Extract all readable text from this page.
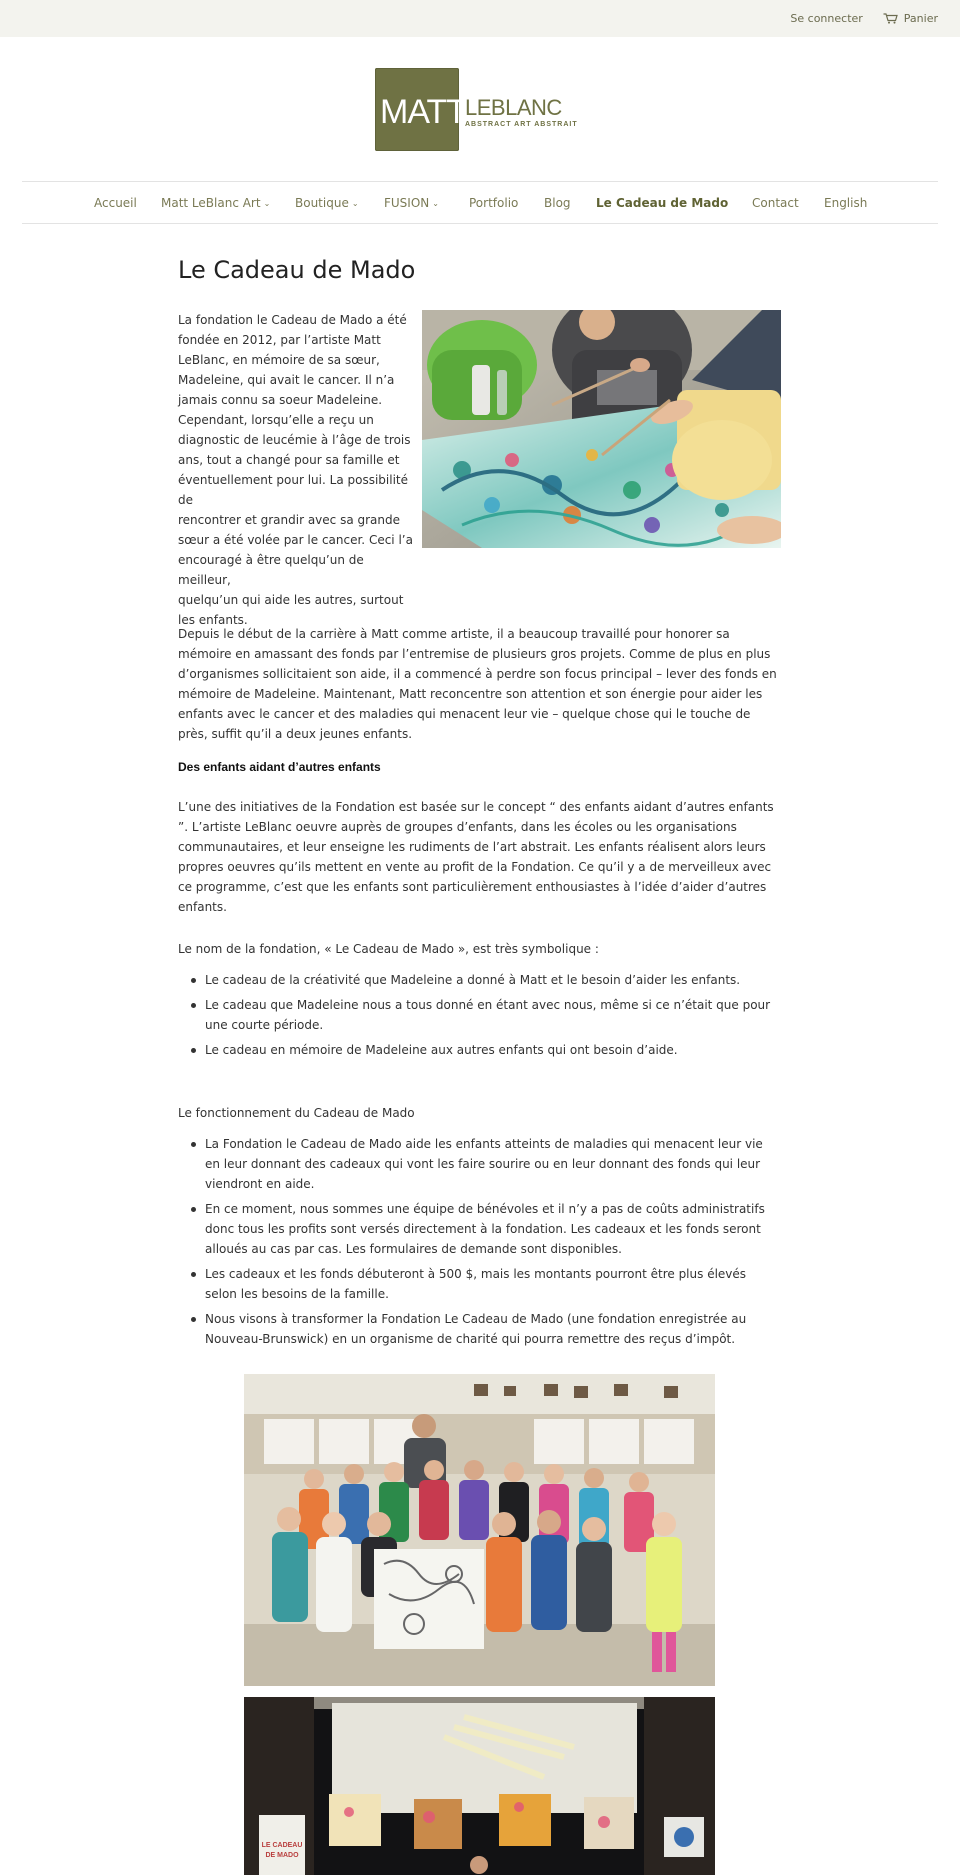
Se connecter	Panier
MATT
LEBLANC
ABSTRACT ART ABSTRAIT
Accueil Matt LeBlanc Art ⌄ Boutique ⌄ FUSION ⌄	Portfolio Blog Le Cadeau de Mado Contact English
Le Cadeau de Mado
La fondation le Cadeau de Mado a été
fondée en 2012, par l’artiste Matt
LeBlanc, en mémoire de sa sœur,
Madeleine, qui avait le cancer. Il n’a
jamais connu sa soeur Madeleine.
Cependant, lorsqu’elle a reçu un
diagnostic de leucémie à l’âge de trois
ans, tout a changé pour sa famille et
éventuellement pour lui. La possibilité de
rencontrer et grandir avec sa grande
sœur a été volée par le cancer. Ceci l’a
encouragé à être quelqu’un de meilleur,
quelqu’un qui aide les autres, surtout
les enfants.
Depuis le début de la carrière à Matt comme artiste, il a beaucoup travaillé pour honorer sa mémoire en amassant des fonds par l’entremise de plusieurs gros projets. Comme de plus en plus d’organismes sollicitaient son aide, il a commencé à perdre son focus principal – lever des fonds en mémoire de Madeleine. Maintenant, Matt reconcentre son attention et son énergie pour aider les enfants avec le cancer et des maladies qui menacent leur vie – quelque chose qui le touche de près, suffit qu’il a deux jeunes enfants.
Des enfants aidant d’autres enfants
L’une des initiatives de la Fondation est basée sur le concept “ des enfants aidant d’autres enfants ”. L’artiste LeBlanc oeuvre auprès de groupes d’enfants, dans les écoles ou les organisations communautaires, et leur enseigne les rudiments de l’art abstrait. Les enfants réalisent alors leurs propres oeuvres qu’ils mettent en vente au profit de la Fondation. Ce qu’il y a de merveilleux avec ce programme, c’est que les enfants sont particulièrement enthousiastes à l’idée d’aider d’autres enfants.
Le nom de la fondation, « Le Cadeau de Mado », est très symbolique :
Le cadeau de la créativité que Madeleine a donné à Matt et le besoin d’aider les enfants.
Le cadeau que Madeleine nous a tous donné en étant avec nous, même si ce n’était que pour une courte période.
Le cadeau en mémoire de Madeleine aux autres enfants qui ont besoin d’aide.
Le fonctionnement du Cadeau de Mado
La Fondation le Cadeau de Mado aide les enfants atteints de maladies qui menacent leur vie en leur donnant des cadeaux qui vont les faire sourire ou en leur donnant des fonds qui leur viendront en aide.
En ce moment, nous sommes une équipe de bénévoles et il n’y a pas de coûts administratifs donc tous les profits sont versés directement à la fondation. Les cadeaux et les fonds seront alloués au cas par cas. Les formulaires de demande sont disponibles.
Les cadeaux et les fonds débuteront à 500 $, mais les montants pourront être plus élevés selon les besoins de la famille.
Nous visons à transformer la Fondation Le Cadeau de Mado (une fondation enregistrée au Nouveau-Brunswick) en un organisme de charité qui pourra remettre des reçus d’impôt.
LE CADEAU
DE MADO
